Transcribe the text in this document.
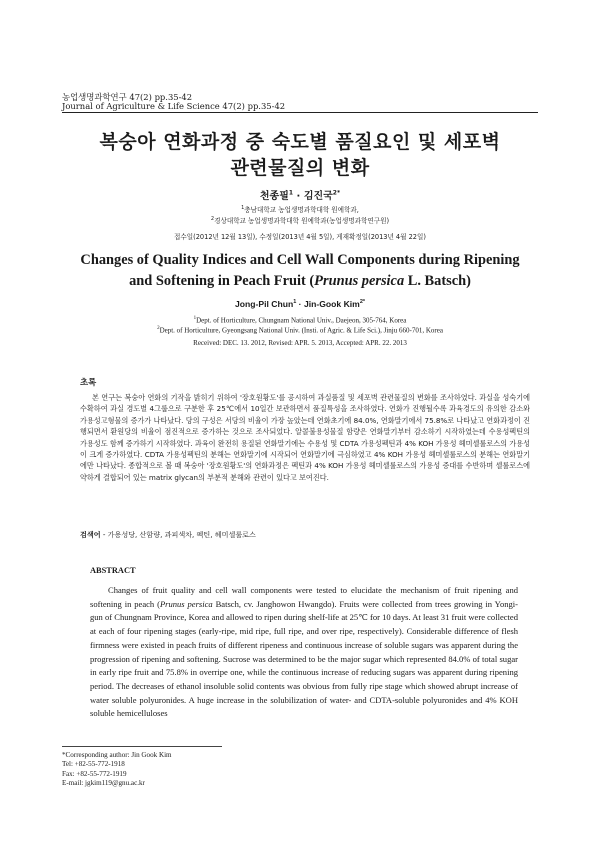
농업생명과학연구 47(2) pp.35-42
Journal of Agriculture & Life Science 47(2) pp.35-42
복숭아 연화과정 중 숙도별 품질요인 및 세포벽
관련물질의 변화
천종필$^1$ · 김진국$^{2*}$
$^1$충남대학교 농업생명과학대학 원예학과,
$^2$경상대학교 농업생명과학대학 원예학과(농업생명과학연구원)
접수일(2012년 12월 13일), 수정일(2013년 4월 5일), 게재확정일(2013년 4월 22일)
Changes of Quality Indices and Cell Wall Components during Ripening
and Softening in Peach Fruit (Prunus persica L. Batsch)
Jong-Pil Chun$^1$ · Jin-Gook Kim$^{2*}$
$^1$Dept. of Horticulture, Chungnam National Univ., Daejeon, 305-764, Korea
$^2$Dept. of Horticulture, Gyeongsang National Univ. (Insti. of Agric. & Life Sci.), Jinju 660-701, Korea
Received: DEC. 13. 2012, Revised: APR. 5. 2013, Accepted: APR. 22. 2013
초록

본 연구는 복숭아 연화의 기작을 밝히기 위하여 '장호원황도'를 공시하여 과실품질 및 세포벽 관련물질의 변화를 조사하였다. 과실을 성숙기에 수확하여 과실 경도별 4그룹으로 구분한 후 25℃에서 10일간 보관하면서 품질특성을 조사하였다. 연화가 진행될수록 과육경도의 유의한 감소와 가용성고형물의 증가가 나타났다. 당의 구성은 서당의 비율이 가장 높았는데 연화초기에 84.0%, 연화말기에서 75.8%로 나타났고 연화과정이 진행되면서 환원당의 비율이 점진적으로 증가하는 것으로 조사되었다. 알콜불용성물질 함량은 연화말기부터 감소하기 시작하였는데 수용성펙틴의 가용성도 함께 증가하기 시작하였다. 과육이 완전히 용질된 연화말기에는 수용성 및 CDTA 가용성펙틴과 4% KOH 가용성 헤미셀룰로스의 가용성이 크게 증가하였다. CDTA 가용성펙틴의 분해는 연화말기에 시작되어 연화말기에 극심하였고 4% KOH 가용성 헤미셀룰로스의 분해는 연화말기에만 나타났다. 종합적으로 볼 때 복숭아 '장호원황도'의 연화과정은 펙틴과 4% KOH 가용성 헤미셀룰로스의 가용성 증대를 수반하며 셀룰로스에 약하게 결합되어 있는 matrix glycan의 부분적 분해와 관련이 있다고 보여진다.

검색어 - 가용성당, 산함량, 과피색차, 펙틴, 헤미셀룰로스
ABSTRACT

Changes of fruit quality and cell wall components were tested to elucidate the mechanism of fruit ripening and softening in peach (Prunus persica Batsch, cv. Janghowon Hwangdo). Fruits were collected from trees growing in Yongi-gun of Chungnam Province, Korea and allowed to ripen during shelf-life at 25℃ for 10 days. At least 31 fruit were collected at each of four ripening stages (early-ripe, mid ripe, full ripe, and over ripe, respectively). Considerable difference of flesh firmness were existed in peach fruits of different ripeness and continuous increase of soluble sugars was apparent during the progression of ripening and softening. Sucrose was determined to be the major sugar which represented 84.0% of total sugar in early ripe fruit and 75.8% in overripe one, while the continuous increase of reducing sugars was apparent during ripening period. The decreases of ethanol insoluble solid contents was obvious from fully ripe stage which showed abrupt increase of water soluble polyuronides. A huge increase in the solubilization of water- and CDTA-soluble polyuronides and 4% KOH soluble hemicelluloses

*Corresponding author: Jin Gook Kim
Tel: +82-55-772-1918
Fax: +82-55-772-1919
E-mail: jgkim119@gnu.ac.kr
